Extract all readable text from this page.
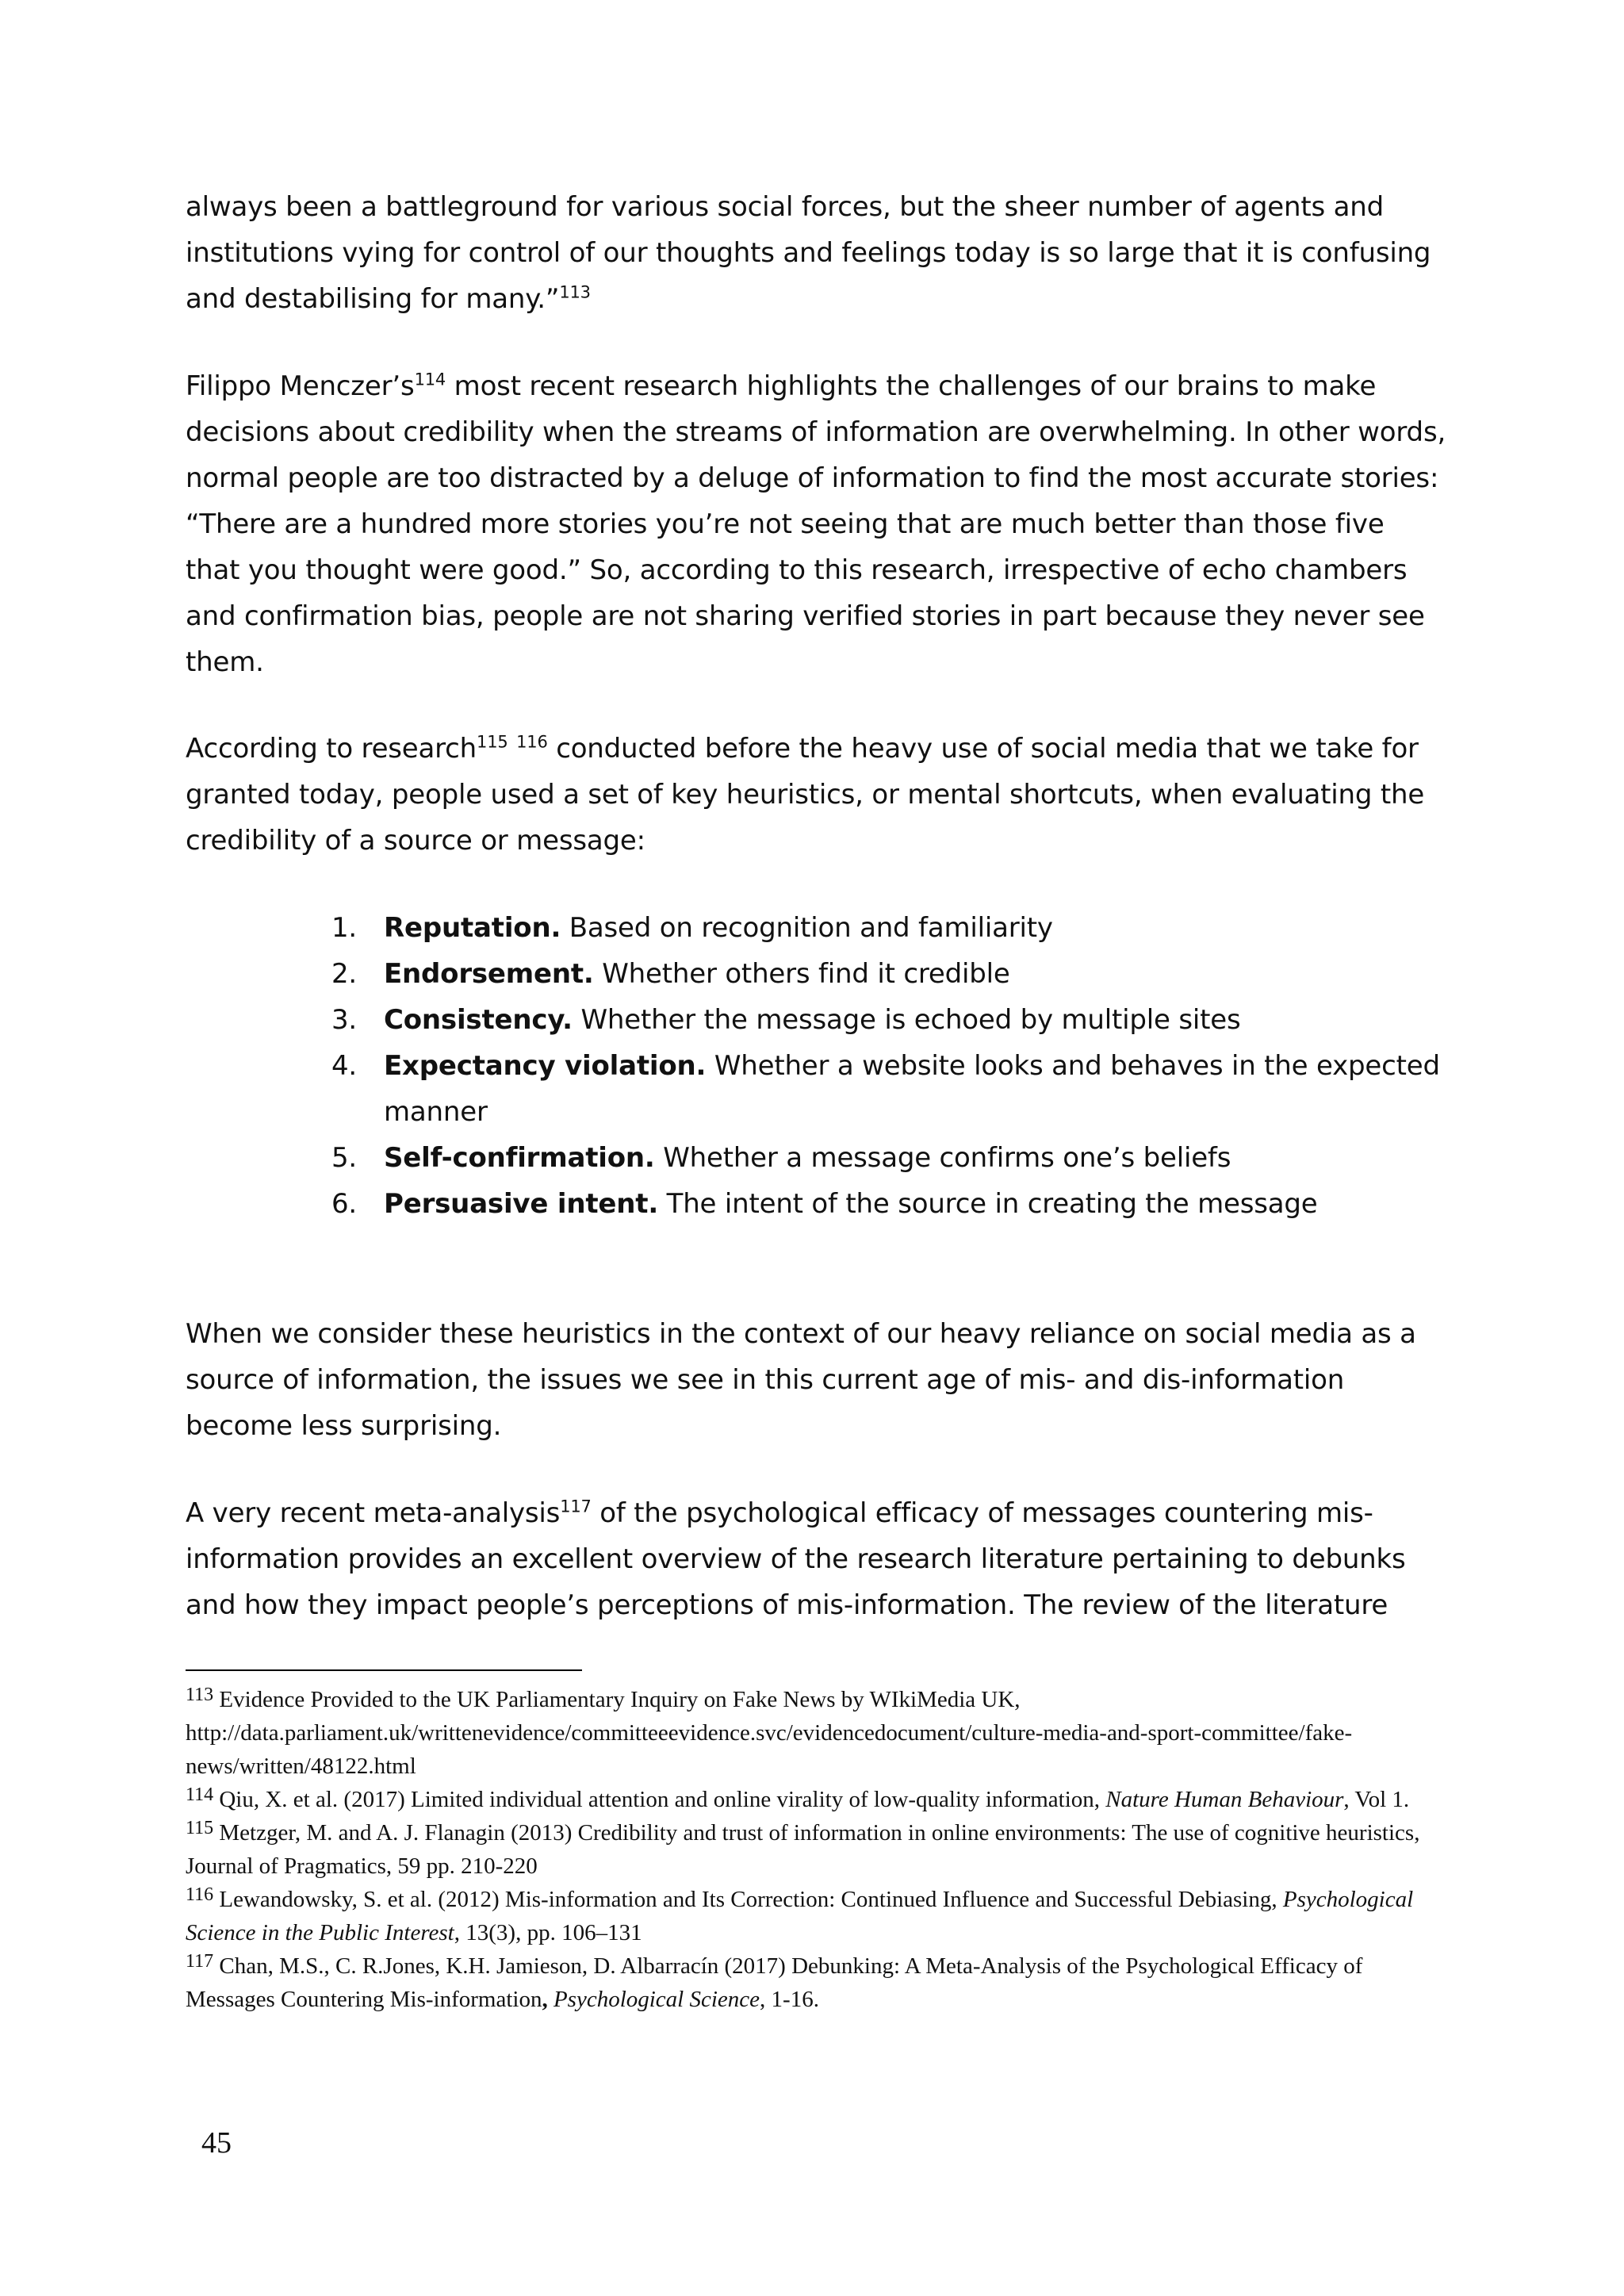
always been a battleground for various social forces, but the sheer number of agents and institutions vying for control of our thoughts and feelings today is so large that it is confusing and destabilising for many.”$^{113}$

Filippo $Menczer’s^{114}$ most recent research highlights the challenges of our brains to make decisions about credibility when the streams of information are overwhelming. In other words, normal people are too distracted by a deluge of information to find the most accurate stories: “There are a hundred more stories you’re not seeing that are much better than those five that you thought were good.” So, according to this research, irrespective of echo chambers and confirmation bias, people are not sharing verified stories in part because they never see them.

According to research$^{115}$ $^{116}$ conducted before the heavy use of social media that we take for granted today, people used a set of key heuristics, or mental shortcuts, when evaluating the credibility of a source or message:

1. Reputation. Based on recognition and familiarity
2. Endorsement. Whether others find it credible
3. Consistency. Whether the message is echoed by multiple sites
4. Expectancy violation. Whether a website looks and behaves in the expected manner
5. Self-confirmation. Whether a message confirms one’s beliefs
6. Persuasive intent. The intent of the source in creating the message

When we consider these heuristics in the context of our heavy reliance on social media as a source of information, the issues we see in this current age of mis- and dis-information become less surprising.

A very recent meta-analysis$^{117}$ of the psychological efficacy of messages countering mis-information provides an excellent overview of the research literature pertaining to debunks and how they impact people’s perceptions of mis-information. The review of the literature

$^{113}$ Evidence Provided to the UK Parliamentary Inquiry on Fake News by WIkiMedia UK, http://data.parliament.uk/writtenevidence/committeeevidence.svc/evidencedocument/culture-media-and-sport-committee/fake-news/written/48122.html

$^{114}$ Qiu, X. et al. (2017) Limited individual attention and online virality of low-quality information, Nature Human Behaviour, Vol 1.

$^{115}$ Metzger, M. and A. J. Flanagin (2013) Credibility and trust of information in online environments: The use of cognitive heuristics, Journal of Pragmatics, 59 pp. 210-220

$^{116}$ Lewandowsky, S. et al. (2012) Mis-information and Its Correction: Continued Influence and Successful Debiasing, Psychological Science in the Public Interest, 13(3), pp. 106–131

$^{117}$ Chan, M.S., C. R.Jones, K.H. Jamieson, D. Albarracín (2017) Debunking: A Meta-Analysis of the Psychological Efficacy of Messages Countering Mis-information, Psychological Science, 1-16.

45
